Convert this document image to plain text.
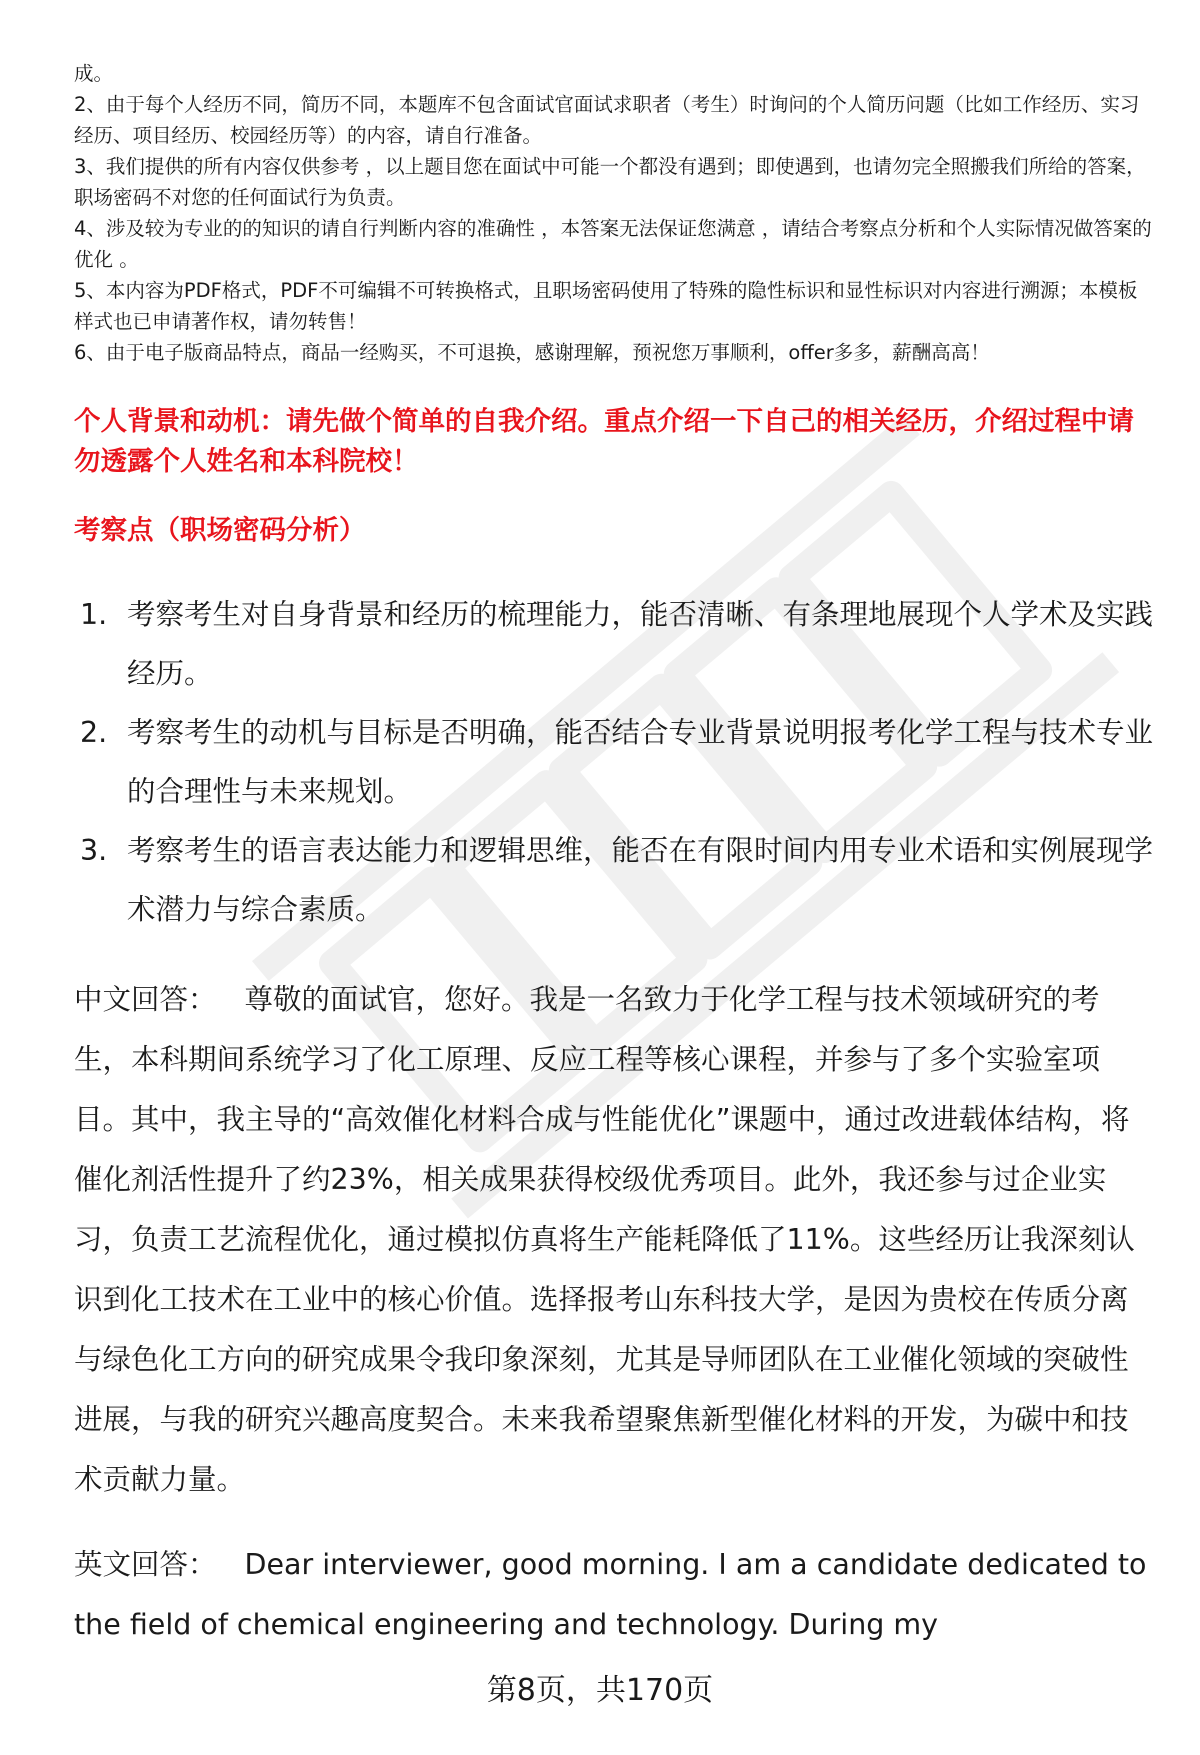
成。

2、由于每个人经历不同，简历不同，本题库不包含面试官面试求职者（考生）时询问的个人简历问题（比如工作经历、实习经历、项目经历、校园经历等）的内容，请自行准备。

3、我们提供的所有内容仅供参考 ，以上题目您在面试中可能一个都没有遇到；即使遇到，也请勿完全照搬我们所给的答案，职场密码不对您的任何面试行为负责。

4、涉及较为专业的的知识的请自行判断内容的准确性 ，本答案无法保证您满意 ，请结合考察点分析和个人实际情况做答案的优化 。

5、本内容为PDF格式，PDF不可编辑不可转换格式，且职场密码使用了特殊的隐性标识和显性标识对内容进行溯源；本模板样式也已申请著作权，请勿转售！

6、由于电子版商品特点，商品一经购买，不可退换，感谢理解，预祝您万事顺利，offer多多，薪酬高高！

个人背景和动机：请先做个简单的自我介绍。重点介绍一下自己的相关经历，介绍过程中请勿透露个人姓名和本科院校！
考察点（职场密码分析）
1. 考察考生对自身背景和经历的梳理能力，能否清晰、有条理地展现个人学术及实践经历。
2. 考察考生的动机与目标是否明确，能否结合专业背景说明报考化学工程与技术专业的合理性与未来规划。
3. 考察考生的语言表达能力和逻辑思维，能否在有限时间内用专业术语和实例展现学术潜力与综合素质。

中文回答： 尊敬的面试官，您好。我是一名致力于化学工程与技术领域研究的考生，本科期间系统学习了化工原理、反应工程等核心课程，并参与了多个实验室项目。其中，我主导的“高效催化材料合成与性能优化”课题中，通过改进载体结构，将催化剂活性提升了约23%，相关成果获得校级优秀项目。此外，我还参与过企业实习，负责工艺流程优化，通过模拟仿真将生产能耗降低了11%。这些经历让我深刻认识到化工技术在工业中的核心价值。选择报考山东科技大学，是因为贵校在传质分离与绿色化工方向的研究成果令我印象深刻，尤其是导师团队在工业催化领域的突破性进展，与我的研究兴趣高度契合。未来我希望聚焦新型催化材料的开发，为碳中和技术贡献力量。

英文回答： Dear interviewer, good morning. I am a candidate dedicated to the field of chemical engineering and technology. During my

第8页，共170页
